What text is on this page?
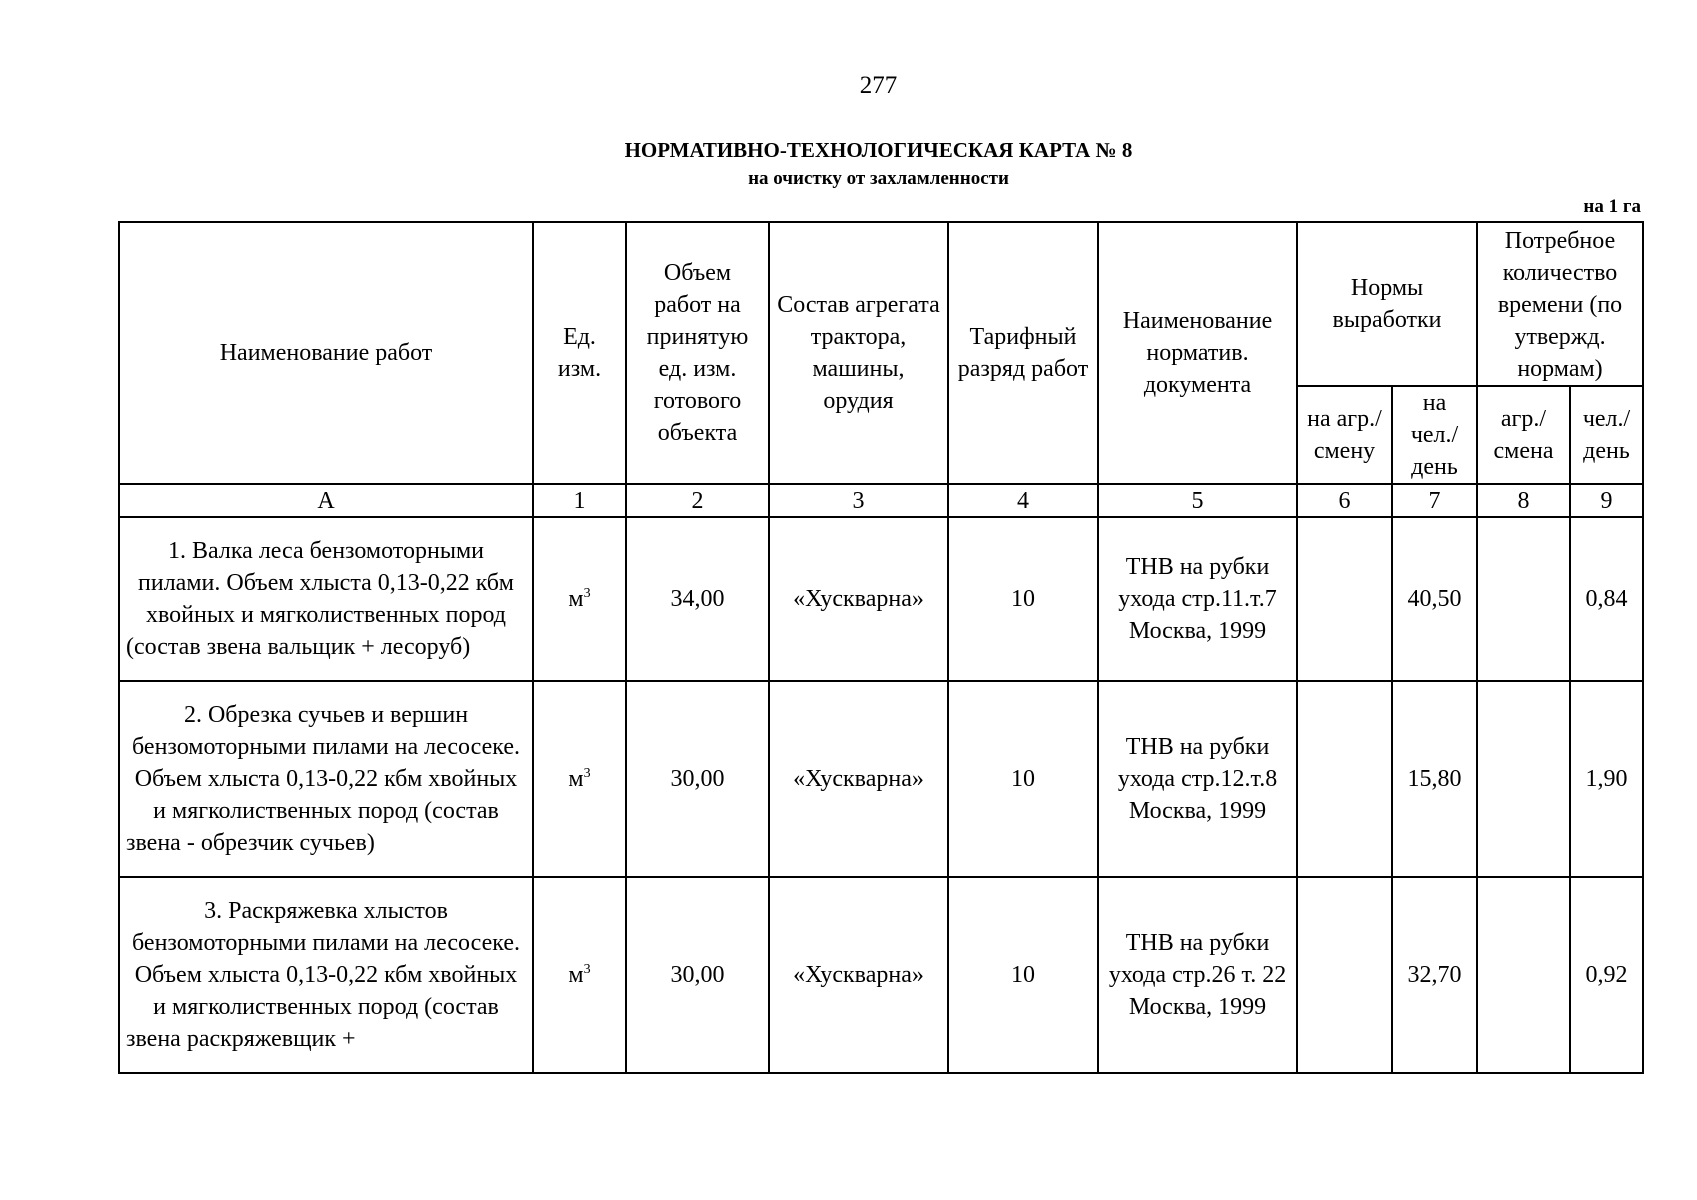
277
НОРМАТИВНО-ТЕХНОЛОГИЧЕСКАЯ КАРТА № 8
на очистку от захламленности
на 1 га
Наименование работ	Ед. изм.	Объем работ на принятую ед. изм. готового объекта	Состав агрегата трактора, машины, орудия	Тарифный разряд работ	Наименование норматив. документа	Нормы выработки		Потребное количество времени (по утвержд. нормам)	
						на агр./ смену	на чел./ день	агр./ смена	чел./ день
А	1	2	3	4	5	6	7	8	9
1. Валка леса бензомоторными пилами. Объем хлыста 0,13-0,22 кбм хвойных и мягколиственных пород (состав звена вальщик + лесоруб)	$м^3$	34,00	«Хускварна»	10	ТНВ на рубки ухода стр.11.т.7 Москва, 1999		40,50		0,84
2. Обрезка сучьев и вершин бензомоторными пилами на лесосеке. Объем хлыста 0,13-0,22 кбм хвойных и мягколиственных пород (состав звена - обрезчик сучьев)	$м^3$	30,00	«Хускварна»	10	ТНВ на рубки ухода стр.12.т.8 Москва, 1999		15,80		1,90
3. Раскряжевка хлыстов бензомоторными пилами на лесосеке. Объем хлыста 0,13-0,22 кбм хвойных и мягколиственных пород (состав звена раскряжевщик +	$м^3$	30,00	«Хускварна»	10	ТНВ на рубки ухода стр.26 т. 22 Москва, 1999		32,70		0,92
